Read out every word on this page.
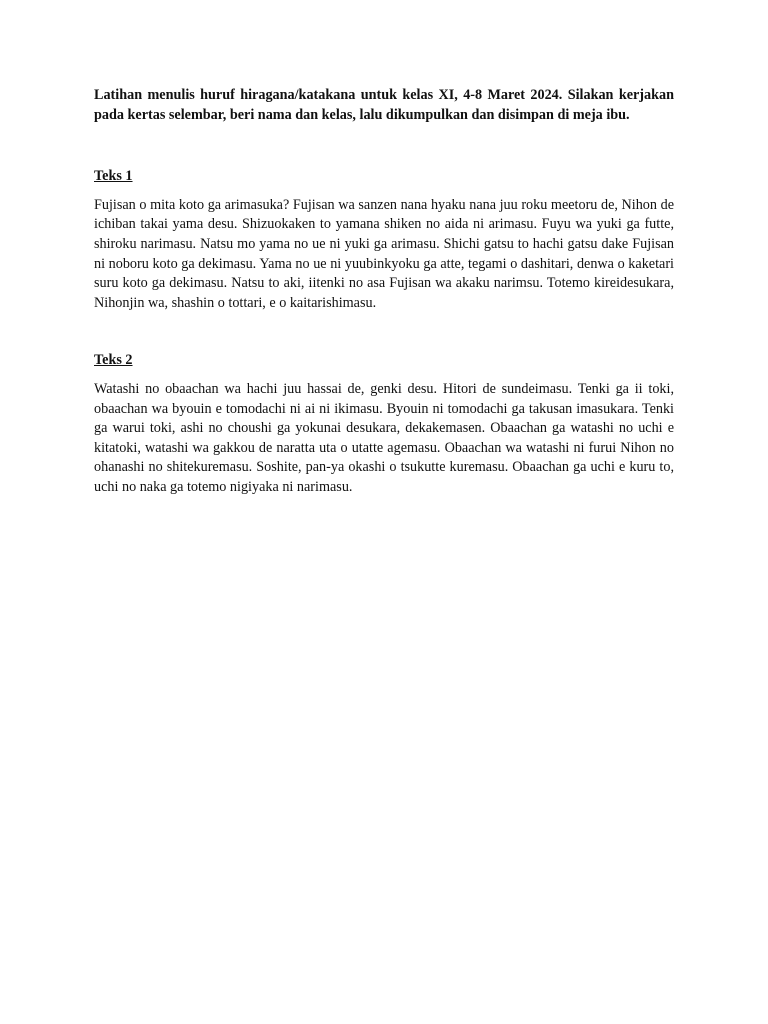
Latihan menulis huruf hiragana/katakana untuk kelas XI, 4-8 Maret 2024. Silakan kerjakan pada kertas selembar, beri nama dan kelas, lalu dikumpulkan dan disimpan di meja ibu.

Teks 1

Fujisan o mita koto ga arimasuka? Fujisan wa sanzen nana hyaku nana juu roku meetoru de, Nihon de ichiban takai yama desu. Shizuokaken to yamana shiken no aida ni arimasu. Fuyu wa yuki ga futte, shiroku narimasu. Natsu mo yama no ue ni yuki ga arimasu. Shichi gatsu to hachi gatsu dake Fujisan ni noboru koto ga dekimasu. Yama no ue ni yuubinkyoku ga atte, tegami o dashitari, denwa o kaketari suru koto ga dekimasu. Natsu to aki, iitenki no asa Fujisan wa akaku narimsu. Totemo kireidesukara, Nihonjin wa, shashin o tottari, e o kaitarishimasu.

Teks 2

Watashi no obaachan wa hachi juu hassai de, genki desu. Hitori de sundeimasu. Tenki ga ii toki, obaachan wa byouin e tomodachi ni ai ni ikimasu. Byouin ni tomodachi ga takusan imasukara. Tenki ga warui toki, ashi no choushi ga yokunai desukara, dekakemasen. Obaachan ga watashi no uchi e kitatoki, watashi wa gakkou de naratta uta o utatte agemasu. Obaachan wa watashi ni furui Nihon no ohanashi no shitekuremasu. Soshite, pan-ya okashi o tsukutte kuremasu. Obaachan ga uchi e kuru to, uchi no naka ga totemo nigiyaka ni narimasu.
